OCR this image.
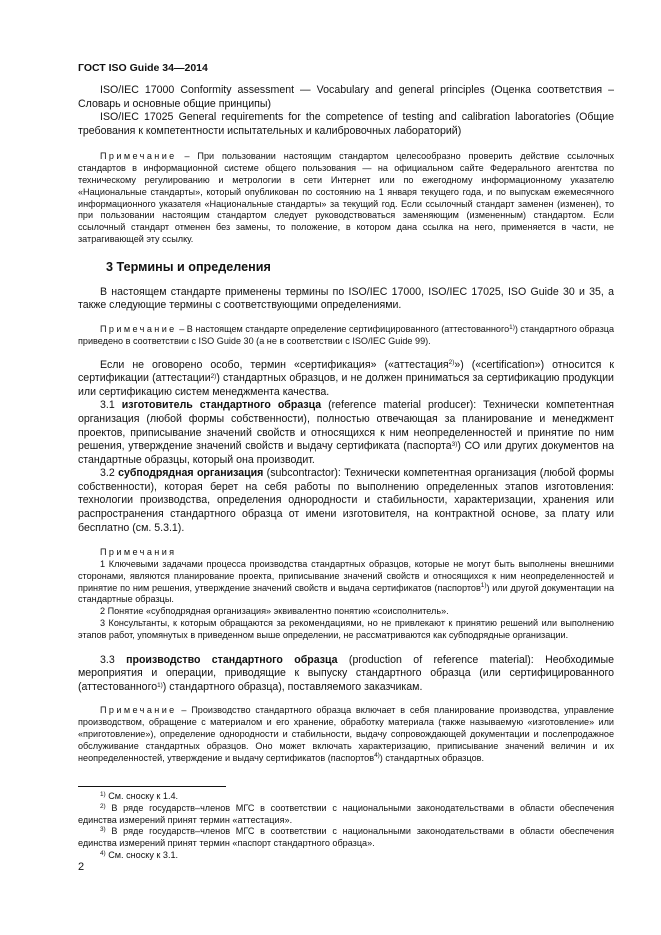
ГОСТ ISO Guide 34—2014

ISO/IEC 17000 Conformity assessment — Vocabulary and general principles (Оценка соответствия – Словарь и основные общие принципы)

ISO/IEC 17025 General requirements for the competence of testing and calibration laboratories (Общие требования к компетентности испытательных и калибровочных лабораторий)

Примечание – При пользовании настоящим стандартом целесообразно проверить действие ссылочных стандартов в информационной системе общего пользования — на официальном сайте Федерального агентства по техническому регулированию и метрологии в сети Интернет или по ежегодному информационному указателю «Национальные стандарты», который опубликован по состоянию на 1 января текущего года, и по выпускам ежемесячного информационного указателя «Национальные стандарты» за текущий год. Если ссылочный стандарт заменен (изменен), то при пользовании настоящим стандартом следует руководствоваться заменяющим (измененным) стандартом. Если ссылочный стандарт отменен без замены, то положение, в котором дана ссылка на него, применяется в части, не затрагивающей эту ссылку.

3 Термины и определения

В настоящем стандарте применены термины по ISO/IEC 17000, ISO/IEC 17025, ISO Guide 30 и 35, а также следующие термины с соответствующими определениями.

Примечание – В настоящем стандарте определение сертифицированного (аттестованного$^{1)}$) стандартного образца приведено в соответствии с ISO Guide 30 (а не в соответствии с ISO/IEC Guide 99).

Если не оговорено особо, термин «сертификация» («аттестация$^{2)}$») («certification») относится к сертификации (аттестации$^{2)}$) стандартных образцов, и не должен приниматься за сертификацию продукции или сертификацию систем менеджмента качества.

3.1 изготовитель стандартного образца (reference material producer): Технически компетентная организация (любой формы собственности), полностью отвечающая за планирование и менеджмент проектов, приписывание значений свойств и относящихся к ним неопределенностей и принятие по ним решения, утверждение значений свойств и выдачу сертификата (паспорта$^{3)}$) СО или других документов на стандартные образцы, который она производит.

3.2 субподрядная организация (subcontractor): Технически компетентная организация (любой формы собственности), которая берет на себя работы по выполнению определенных этапов изготовления: технологии производства, определения однородности и стабильности, характеризации, хранения или распространения стандартного образца от имени изготовителя, на контрактной основе, за плату или бесплатно (см. 5.3.1).

Примечания

1 Ключевыми задачами процесса производства стандартных образцов, которые не могут быть выполнены внешними сторонами, являются планирование проекта, приписывание значений свойств и относящихся к ним неопределенностей и принятие по ним решения, утверждение значений свойств и выдача сертификатов (паспортов$^{1)}$) или другой документации на стандартные образцы.

2 Понятие «субподрядная организация» эквивалентно понятию «соисполнитель».

3 Консультанты, к которым обращаются за рекомендациями, но не привлекают к принятию решений или выполнению этапов работ, упомянутых в приведенном выше определении, не рассматриваются как субподрядные организации.

3.3 производство стандартного образца (production of reference material): Необходимые мероприятия и операции, приводящие к выпуску стандартного образца (или сертифицированного (аттестованного$^{1)}$) стандартного образца), поставляемого заказчикам.

Примечание – Производство стандартного образца включает в себя планирование производства, управление производством, обращение с материалом и его хранение, обработку материала (также называемую «изготовление» или «приготовление»), определение однородности и стабильности, выдачу сопровождающей документации и послепродажное обслуживание стандартных образцов. Оно может включать характеризацию, приписывание значений величин и их неопределенностей, утверждение и выдачу сертификатов (паспортов$^{4)}$) стандартных образцов.

$^{1)}$ См. сноску к 1.4.

$^{2)}$ В ряде государств–членов МГС в соответствии с национальными законодательствами в области обеспечения единства измерений принят термин «аттестация».

$^{3)}$ В ряде государств–членов МГС в соответствии с национальными законодательствами в области обеспечения единства измерений принят термин «паспорт стандартного образца».

$^{4)}$ См. сноску к 3.1.

2
